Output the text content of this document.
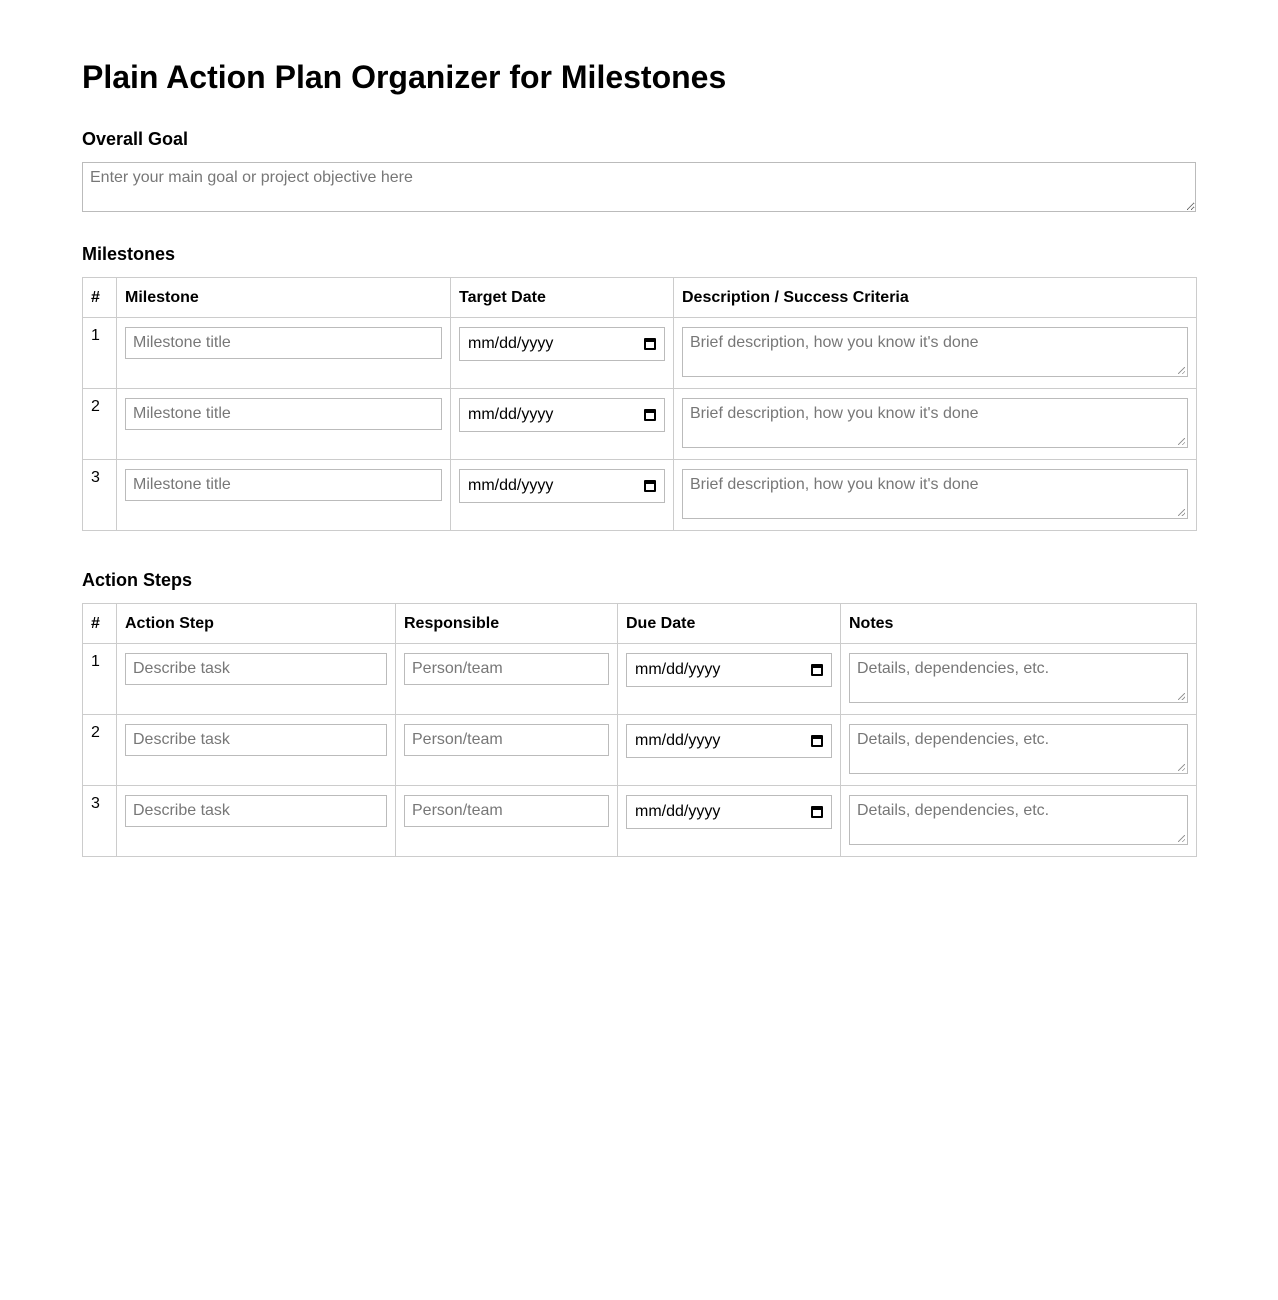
Plain Action Plan Organizer for Milestones
Overall Goal
Enter your main goal or project objective here
Milestones
#	Milestone	Target Date	Description / Success Criteria
1	Milestone title	mm/dd/yyyy	Brief description, how you know it's done

2	Milestone title	mm/dd/yyyy	Brief description, how you know it's done

3	Milestone title	mm/dd/yyyy	Brief description, how you know it's done
Action Steps
#	Action Step	Responsible	Due Date	Notes
1	Describe task	Person/team	mm/dd/yyyy	Details, dependencies, etc.

2	Describe task	Person/team	mm/dd/yyyy	Details, dependencies, etc.

3	Describe task	Person/team	mm/dd/yyyy	Details, dependencies, etc.
